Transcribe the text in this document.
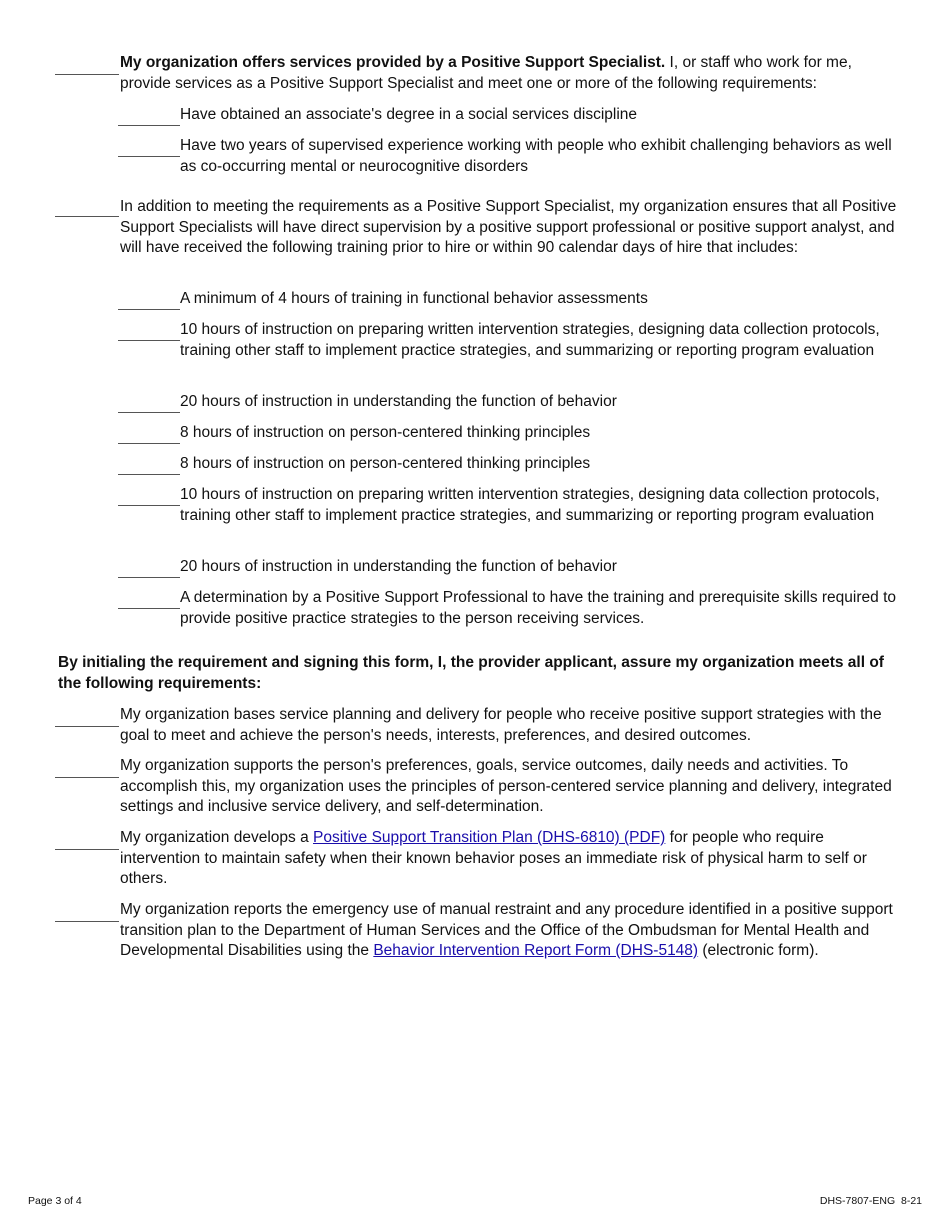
My organization offers services provided by a Positive Support Specialist. I, or staff who work for me, provide services as a Positive Support Specialist and meet one or more of the following requirements:
Have obtained an associate's degree in a social services discipline
Have two years of supervised experience working with people who exhibit challenging behaviors as well as co-occurring mental or neurocognitive disorders
In addition to meeting the requirements as a Positive Support Specialist, my organization ensures that all Positive Support Specialists will have direct supervision by a positive support professional or positive support analyst, and will have received the following training prior to hire or within 90 calendar days of hire that includes:
A minimum of 4 hours of training in functional behavior assessments
10 hours of instruction on preparing written intervention strategies, designing data collection protocols, training other staff to implement practice strategies, and summarizing or reporting program evaluation
20 hours of instruction in understanding the function of behavior
8 hours of instruction on person-centered thinking principles
8 hours of instruction on person-centered thinking principles
10 hours of instruction on preparing written intervention strategies, designing data collection protocols, training other staff to implement practice strategies, and summarizing or reporting program evaluation
20 hours of instruction in understanding the function of behavior
A determination by a Positive Support Professional to have the training and prerequisite skills required to provide positive practice strategies to the person receiving services.
By initialing the requirement and signing this form, I, the provider applicant, assure my organization meets all of the following requirements:
My organization bases service planning and delivery for people who receive positive support strategies with the goal to meet and achieve the person's needs, interests, preferences, and desired outcomes.
My organization supports the person's preferences, goals, service outcomes, daily needs and activities. To accomplish this, my organization uses the principles of person-centered service planning and delivery, integrated settings and inclusive service delivery, and self-determination.
My organization develops a Positive Support Transition Plan (DHS-6810) (PDF) for people who require intervention to maintain safety when their known behavior poses an immediate risk of physical harm to self or others.
My organization reports the emergency use of manual restraint and any procedure identified in a positive support transition plan to the Department of Human Services and the Office of the Ombudsman for Mental Health and Developmental Disabilities using the Behavior Intervention Report Form (DHS-5148) (electronic form).
Page 3 of 4	DHS-7807-ENG  8-21
